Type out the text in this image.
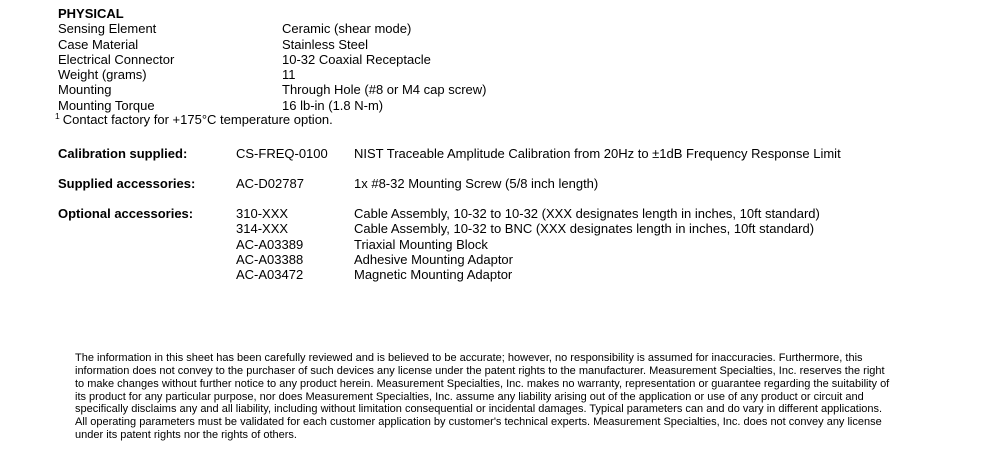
PHYSICAL
Sensing Element	Ceramic (shear mode)
Case Material	Stainless Steel
Electrical Connector	10-32 Coaxial Receptacle
Weight (grams)	11
Mounting	Through Hole (#8 or M4 cap screw)
Mounting Torque	16 lb-in (1.8 N-m)
$^1$ Contact factory for +175°C temperature option.
Calibration supplied:	CS-FREQ-0100	NIST Traceable Amplitude Calibration from 20Hz to ±1dB Frequency Response Limit
Supplied accessories:	AC-D02787	1x #8-32 Mounting Screw (5/8 inch length)
Optional accessories:	310-XXX	Cable Assembly, 10-32 to 10-32 (XXX designates length in inches, 10ft standard)
314-XXX	Cable Assembly, 10-32 to BNC (XXX designates length in inches, 10ft standard)
AC-A03389	Triaxial Mounting Block
AC-A03388	Adhesive Mounting Adaptor
AC-A03472	Magnetic Mounting Adaptor
The information in this sheet has been carefully reviewed and is believed to be accurate; however, no responsibility is assumed for inaccuracies. Furthermore, this
information does not convey to the purchaser of such devices any license under the patent rights to the manufacturer. Measurement Specialties, Inc. reserves the right
to make changes without further notice to any product herein. Measurement Specialties, Inc. makes no warranty, representation or guarantee regarding the suitability of
its product for any particular purpose, nor does Measurement Specialties, Inc. assume any liability arising out of the application or use of any product or circuit and
specifically disclaims any and all liability, including without limitation consequential or incidental damages. Typical parameters can and do vary in different applications.
All operating parameters must be validated for each customer application by customer's technical experts. Measurement Specialties, Inc. does not convey any license
under its patent rights nor the rights of others.
